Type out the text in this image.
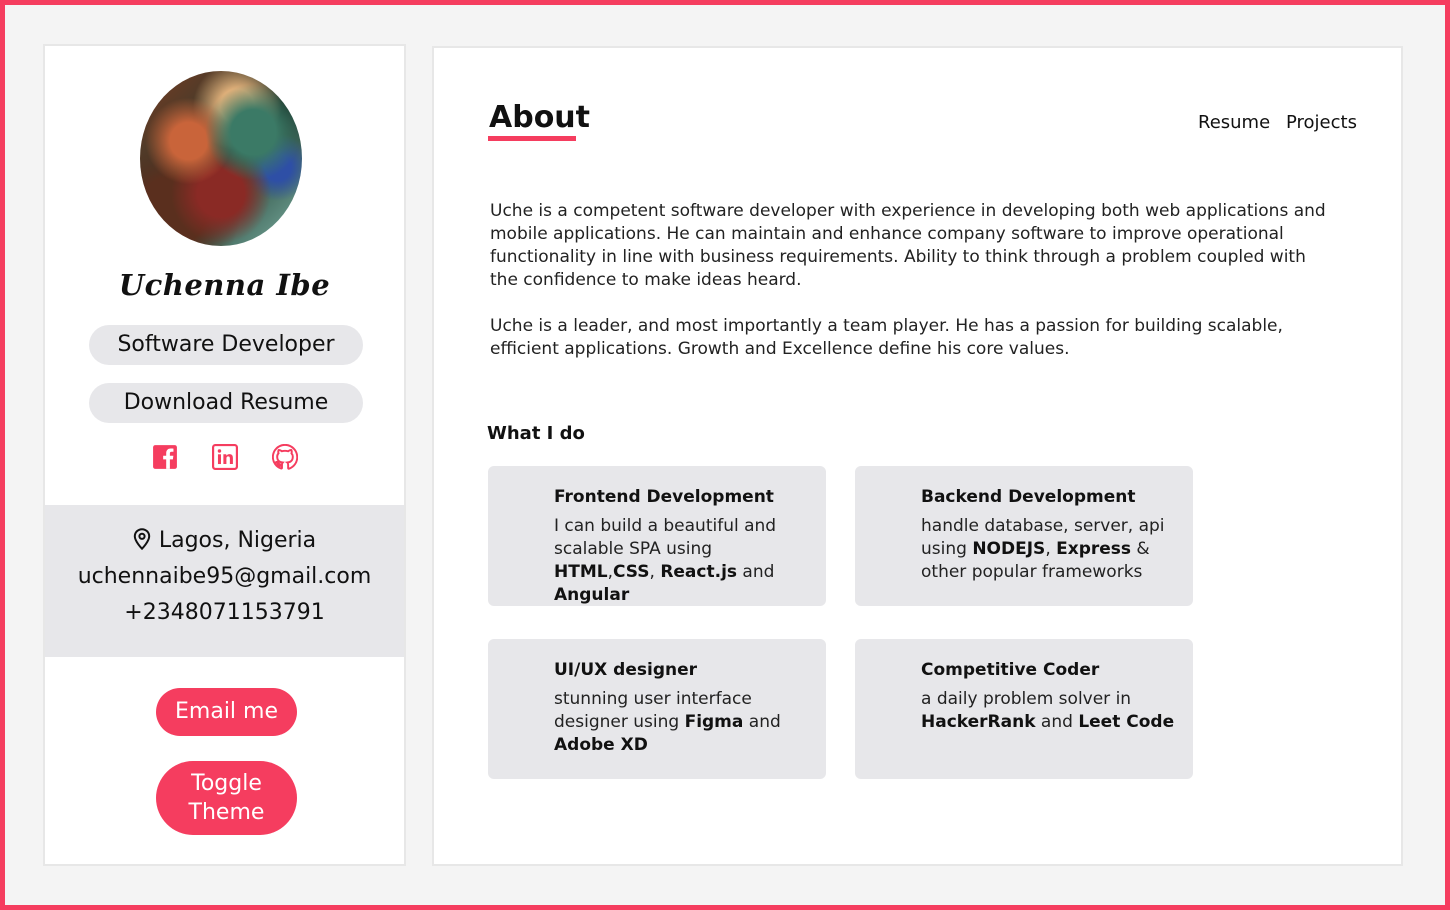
Uchenna Ibe
Software Developer
Download Resume
Lagos, Nigeria
uchennaibe95@gmail.com
+2348071153791
Email me
Toggle
Theme
About	Resume Projects

Uche is a competent software developer with experience in developing both web applications and mobile applications. He can maintain and enhance company software to improve operational functionality in line with business requirements. Ability to think through a problem coupled with the confidence to make ideas heard.

Uche is a leader, and most importantly a team player. He has a passion for building scalable, efficient applications. Growth and Excellence define his core values.

What I do
Frontend Development
I can build a beautiful and scalable SPA using HTML,CSS, React.js and Angular
Backend Development
handle database, server, api using NODEJS, Express & other popular frameworks
UI/UX designer
stunning user interface designer using Figma and Adobe XD
Competitive Coder
a daily problem solver in HackerRank and Leet Code
